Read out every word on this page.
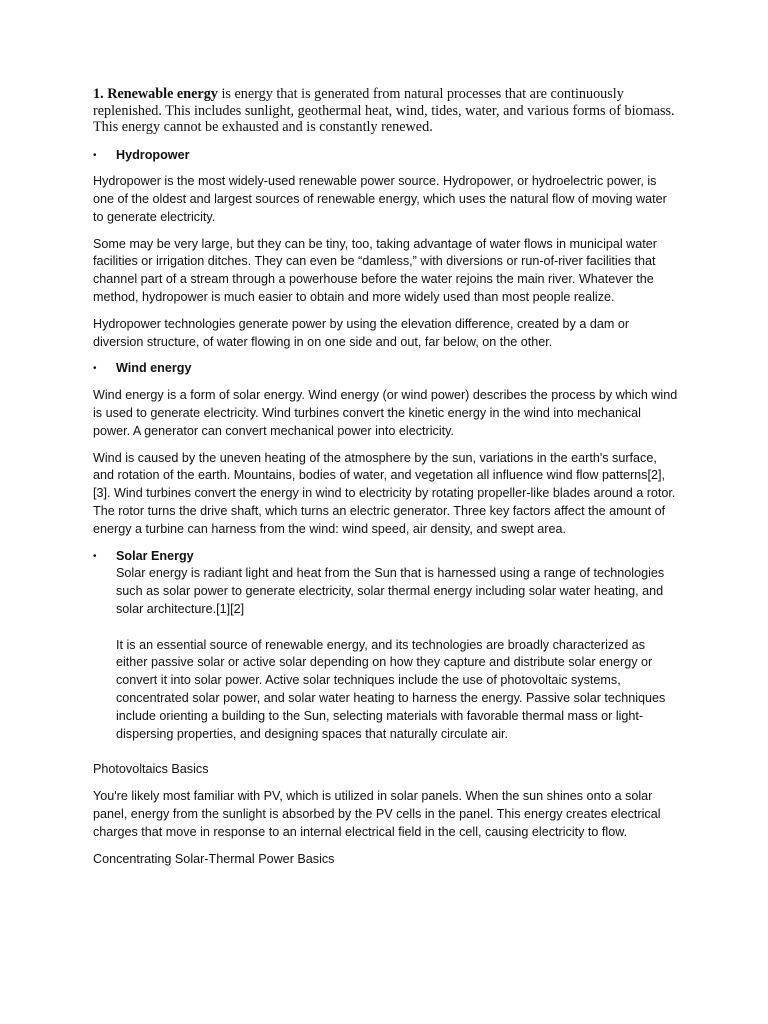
1. Renewable energy is energy that is generated from natural processes that are continuously replenished. This includes sunlight, geothermal heat, wind, tides, water, and various forms of biomass. This energy cannot be exhausted and is constantly renewed.

•	Hydropower

Hydropower is the most widely-used renewable power source. Hydropower, or hydroelectric power, is one of the oldest and largest sources of renewable energy, which uses the natural flow of moving water to generate electricity.

Some may be very large, but they can be tiny, too, taking advantage of water flows in municipal water facilities or irrigation ditches. They can even be “damless,” with diversions or run-of-river facilities that channel part of a stream through a powerhouse before the water rejoins the main river. Whatever the method, hydropower is much easier to obtain and more widely used than most people realize.

Hydropower technologies generate power by using the elevation difference, created by a dam or diversion structure, of water flowing in on one side and out, far below, on the other.

•	Wind energy

Wind energy is a form of solar energy. Wind energy (or wind power) describes the process by which wind is used to generate electricity. Wind turbines convert the kinetic energy in the wind into mechanical power. A generator can convert mechanical power into electricity.

Wind is caused by the uneven heating of the atmosphere by the sun, variations in the earth's surface, and rotation of the earth. Mountains, bodies of water, and vegetation all influence wind flow patterns[2], [3]. Wind turbines convert the energy in wind to electricity by rotating propeller-like blades around a rotor. The rotor turns the drive shaft, which turns an electric generator. Three key factors affect the amount of energy a turbine can harness from the wind: wind speed, air density, and swept area.

•	Solar Energy

Solar energy is radiant light and heat from the Sun that is harnessed using a range of technologies such as solar power to generate electricity, solar thermal energy including solar water heating, and solar architecture.[1][2]

It is an essential source of renewable energy, and its technologies are broadly characterized as either passive solar or active solar depending on how they capture and distribute solar energy or convert it into solar power. Active solar techniques include the use of photovoltaic systems, concentrated solar power, and solar water heating to harness the energy. Passive solar techniques include orienting a building to the Sun, selecting materials with favorable thermal mass or light-dispersing properties, and designing spaces that naturally circulate air.

Photovoltaics Basics

You're likely most familiar with PV, which is utilized in solar panels. When the sun shines onto a solar panel, energy from the sunlight is absorbed by the PV cells in the panel. This energy creates electrical charges that move in response to an internal electrical field in the cell, causing electricity to flow.

Concentrating Solar-Thermal Power Basics
